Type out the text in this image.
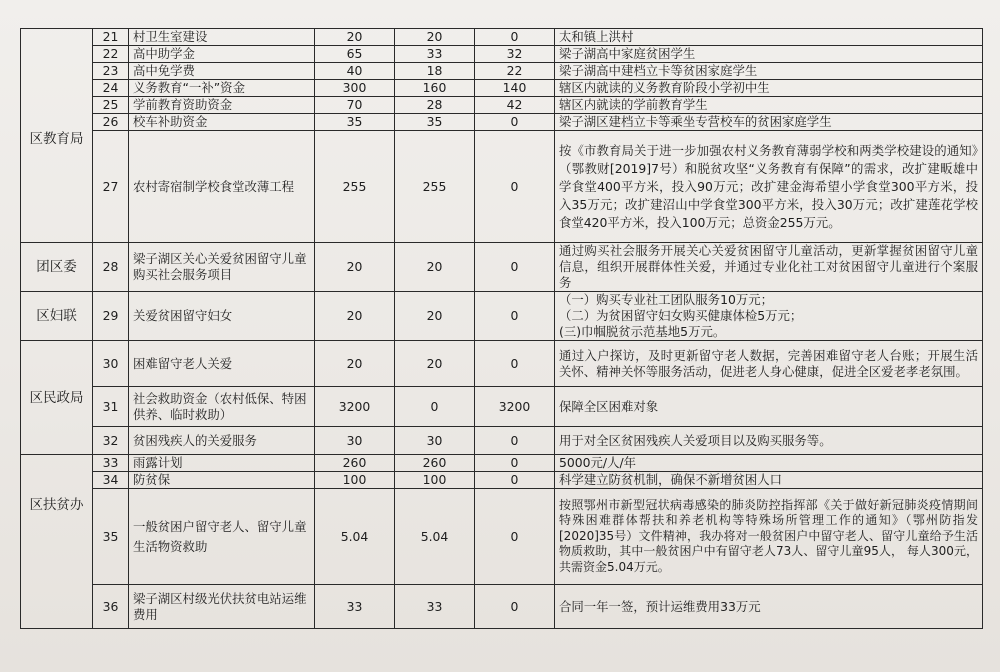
区教育局	21	村卫生室建设	20	20	0	太和镇上洪村
	22	高中助学金	65	33	32	梁子湖高中家庭贫困学生
	23	高中免学费	40	18	22	梁子湖高中建档立卡等贫困家庭学生
	24	义务教育“一补”资金	300	160	140	辖区内就读的义务教育阶段小学初中生
	25	学前教育资助资金	70	28	42	辖区内就读的学前教育学生
	26	校车补助资金	35	35	0	梁子湖区建档立卡等乘坐专营校车的贫困家庭学生
	27	农村寄宿制学校食堂改薄工程	255	255	0	按《市教育局关于进一步加强农村义务教育薄弱学校和两类学校建设的通知》（鄂教财[2019]7号）和脱贫攻坚“义务教育有保障”的需求，改扩建畈雄中学食堂400平方米，投入90万元；改扩建金海希望小学食堂300平方米，投入35万元；改扩建沼山中学食堂300平方米，投入30万元；改扩建莲花学校食堂420平方米，投入100万元；总资金255万元。
团区委	28	梁子湖区关心关爱贫困留守儿童购买社会服务项目	20	20	0	通过购买社会服务开展关心关爱贫困留守儿童活动，更新掌握贫困留守儿童信息，组织开展群体性关爱，并通过专业化社工对贫困留守儿童进行个案服务
区妇联	29	关爱贫困留守妇女	20	20	0	（一）购买专业社工团队服务10万元；
（二）为贫困留守妇女购买健康体检5万元；
(三)巾帼脱贫示范基地5万元。

区民政局	30	困难留守老人关爱	20	20	0	通过入户探访，及时更新留守老人数据，完善困难留守老人台账；开展生活关怀、精神关怀等服务活动，促进老人身心健康，促进全区爱老孝老氛围。
	31	社会救助资金（农村低保、特困供养、临时救助）	3200	0	3200	保障全区困难对象
	32	贫困残疾人的关爱服务	30	30	0	用于对全区贫困残疾人关爱项目以及购买服务等。
区扶贫办	33	雨露计划	260	260	0	5000元/人/年
	34	防贫保	100	100	0	科学建立防贫机制，确保不新增贫困人口
	35	一般贫困户留守老人、留守儿童生活物资救助	5.04	5.04	0	按照鄂州市新型冠状病毒感染的肺炎防控指挥部《关于做好新冠肺炎疫情期间特殊困难群体帮扶和养老机构等特殊场所管理工作的通知》（鄂州防指发[2020]35号）文件精神，我办将对一般贫困户中留守老人、留守儿童给予生活物质救助，其中一般贫困户中有留守老人73人、留守儿童95人， 每人300元，共需资金5.04万元。
	36	梁子湖区村级光伏扶贫电站运维费用	33	33	0	合同一年一签，预计运维费用33万元
